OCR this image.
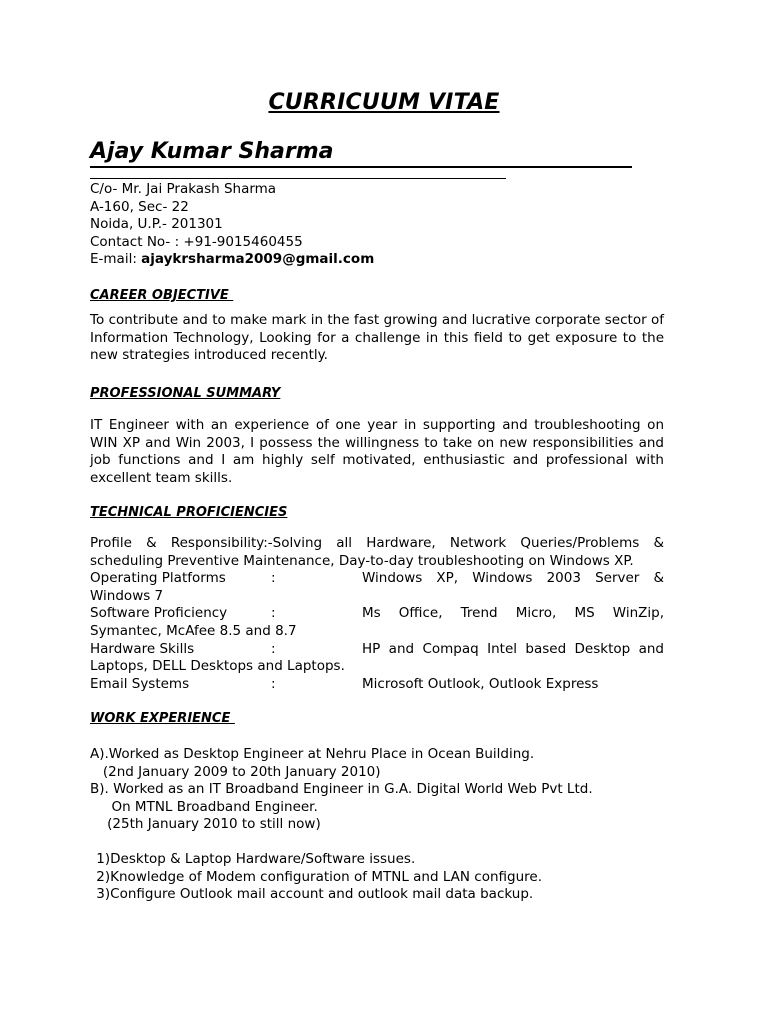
CURRICUUM VITAE
Ajay Kumar Sharma
C/o- Mr. Jai Prakash Sharma
A-160, Sec- 22
Noida, U.P.- 201301
Contact No- : +91-9015460455
E-mail: ajaykrsharma2009@gmail.com
CAREER OBJECTIVE
To contribute and to make mark in the fast growing and lucrative corporate sector of Information Technology, Looking for a challenge in this field to get exposure to the new strategies introduced recently.
PROFESSIONAL SUMMARY
IT Engineer with an experience of one year in supporting and troubleshooting on WIN XP and Win 2003, I possess the willingness to take on new responsibilities and job functions and I am highly self motivated, enthusiastic and professional with excellent team skills.
TECHNICAL PROFICIENCIES
Profile & Responsibility:-Solving all Hardware, Network Queries/Problems & scheduling Preventive Maintenance, Day-to-day troubleshooting on Windows XP.
Operating Platforms	:	Windows XP, Windows 2003 Server &
Windows 7
Software Proficiency	:	Ms Office, Trend Micro, MS WinZip,
Symantec, McAfee 8.5 and 8.7
Hardware Skills	:	HP and Compaq Intel based Desktop and
Laptops, DELL Desktops and Laptops.
Email Systems	:	Microsoft Outlook, Outlook Express
WORK EXPERIENCE
A).Worked as Desktop Engineer at Nehru Place in Ocean Building.
(2nd January 2009 to 20th January 2010)
B). Worked as an IT Broadband Engineer in G.A. Digital World Web Pvt Ltd.
On MTNL Broadband Engineer.
(25th January 2010 to still now)
1)Desktop & Laptop Hardware/Software issues.
2)Knowledge of Modem configuration of MTNL and LAN configure.
3)Configure Outlook mail account and outlook mail data backup.
